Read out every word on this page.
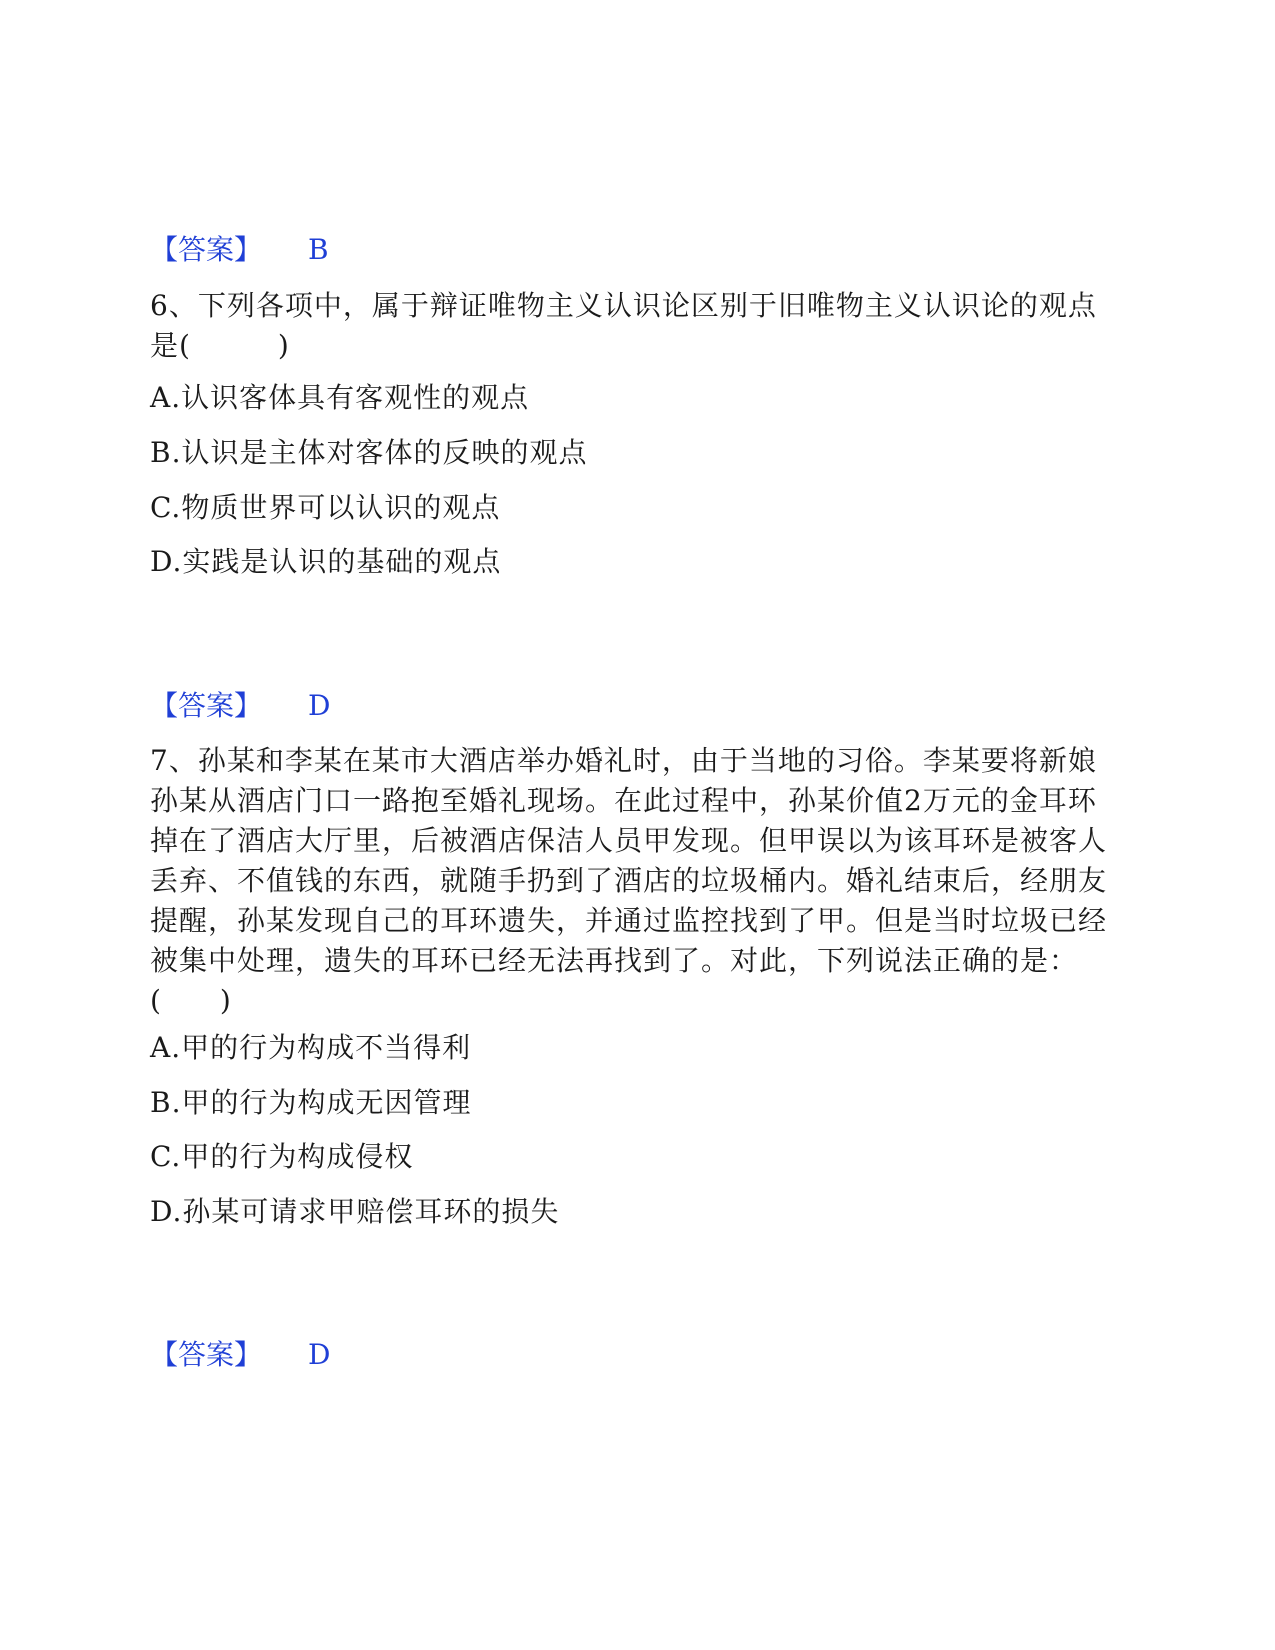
【答案】 B
6、下列各项中，属于辩证唯物主义认识论区别于旧唯物主义认识论的观点是(　　　)
A.认识客体具有客观性的观点
B.认识是主体对客体的反映的观点
C.物质世界可以认识的观点
D.实践是认识的基础的观点
【答案】 D
7、孙某和李某在某市大酒店举办婚礼时，由于当地的习俗。李某要将新娘孙某从酒店门口一路抱至婚礼现场。在此过程中，孙某价值2万元的金耳环掉在了酒店大厅里，后被酒店保洁人员甲发现。但甲误以为该耳环是被客人丢弃、不值钱的东西，就随手扔到了酒店的垃圾桶内。婚礼结束后，经朋友提醒，孙某发现自己的耳环遗失，并通过监控找到了甲。但是当时垃圾已经被集中处理，遗失的耳环已经无法再找到了。对此，下列说法正确的是：(　　)
A.甲的行为构成不当得利
B.甲的行为构成无因管理
C.甲的行为构成侵权
D.孙某可请求甲赔偿耳环的损失
【答案】 D
